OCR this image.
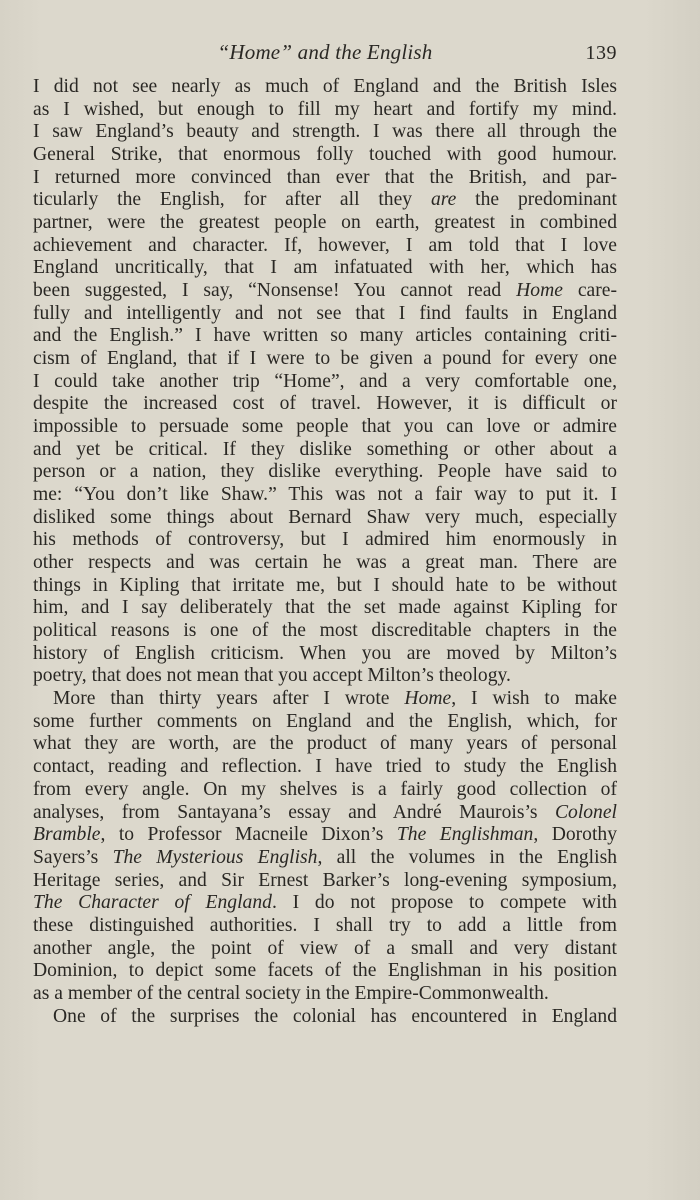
“Home” and the English	139
I did not see nearly as much of England and the British Isles
as I wished, but enough to fill my heart and fortify my mind.
I saw England’s beauty and strength. I was there all through the
General Strike, that enormous folly touched with good humour.
I returned more convinced than ever that the British, and par-
ticularly the English, for after all they are the predominant
partner, were the greatest people on earth, greatest in combined
achievement and character. If, however, I am told that I love
England uncritically, that I am infatuated with her, which has
been suggested, I say, “Nonsense! You cannot read Home care-
fully and intelligently and not see that I find faults in England
and the English.” I have written so many articles containing criti-
cism of England, that if I were to be given a pound for every one
I could take another trip “Home”, and a very comfortable one,
despite the increased cost of travel. However, it is difficult or
impossible to persuade some people that you can love or admire
and yet be critical. If they dislike something or other about a
person or a nation, they dislike everything. People have said to
me: “You don’t like Shaw.” This was not a fair way to put it. I
disliked some things about Bernard Shaw very much, especially
his methods of controversy, but I admired him enormously in
other respects and was certain he was a great man. There are
things in Kipling that irritate me, but I should hate to be without
him, and I say deliberately that the set made against Kipling for
political reasons is one of the most discreditable chapters in the
history of English criticism. When you are moved by Milton’s
poetry, that does not mean that you accept Milton’s theology.
More than thirty years after I wrote Home, I wish to make
some further comments on England and the English, which, for
what they are worth, are the product of many years of personal
contact, reading and reflection. I have tried to study the English
from every angle. On my shelves is a fairly good collection of
analyses, from Santayana’s essay and André Maurois’s Colonel
Bramble, to Professor Macneile Dixon’s The Englishman, Dorothy
Sayers’s The Mysterious English, all the volumes in the English
Heritage series, and Sir Ernest Barker’s long-evening symposium,
The Character of England. I do not propose to compete with
these distinguished authorities. I shall try to add a little from
another angle, the point of view of a small and very distant
Dominion, to depict some facets of the Englishman in his position
as a member of the central society in the Empire-Commonwealth.
One of the surprises the colonial has encountered in England
